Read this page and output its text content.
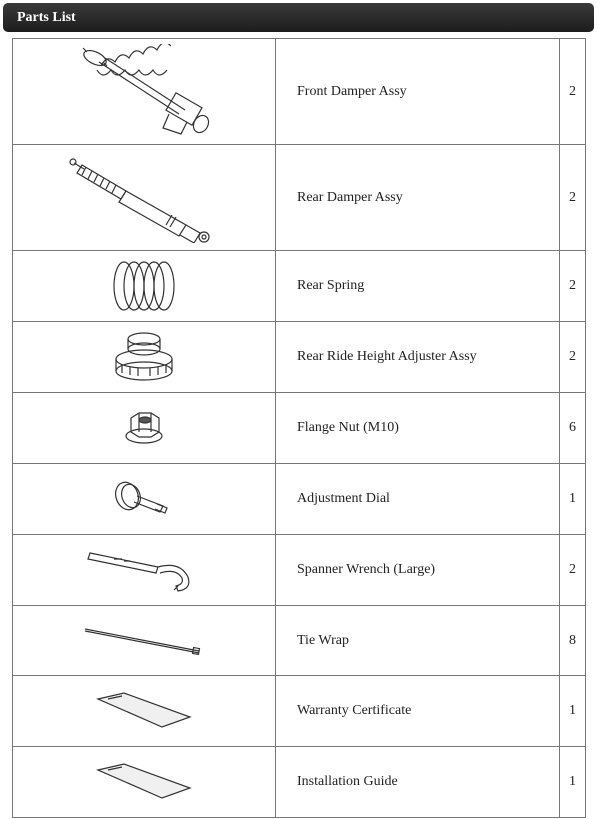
Parts List
	Front Damper Assy	2

	Rear Damper Assy	2

	Rear Spring	2

	Rear Ride Height Adjuster Assy	2

	Flange Nut (M10)	6

	Adjustment Dial	1

	Spanner Wrench (Large)	2

	Tie Wrap	8

	Warranty Certificate	1

	Installation Guide	1
